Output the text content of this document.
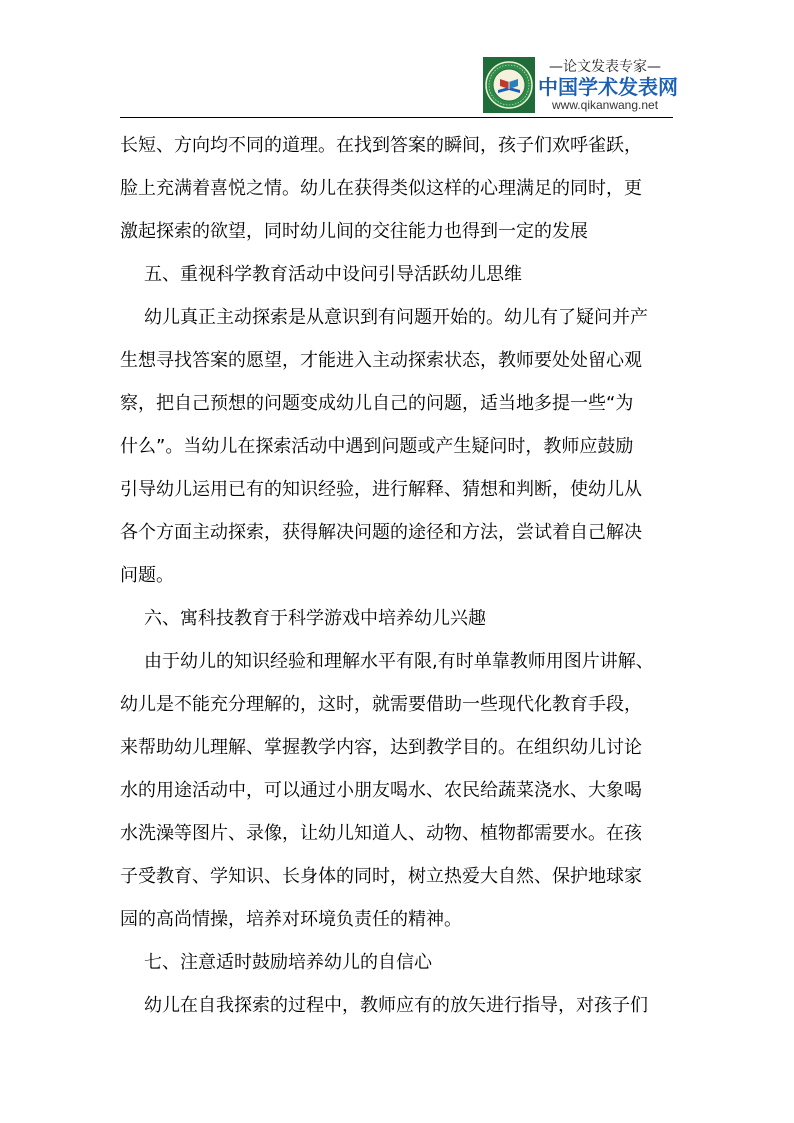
—论文发表专家—
中国学术发表网
www.qikanwang.net
长短、方向均不同的道理。在找到答案的瞬间，孩子们欢呼雀跃，
脸上充满着喜悦之情。幼儿在获得类似这样的心理满足的同时，更
激起探索的欲望，同时幼儿间的交往能力也得到一定的发展
五、重视科学教育活动中设问引导活跃幼儿思维
幼儿真正主动探索是从意识到有问题开始的。幼儿有了疑问并产
生想寻找答案的愿望，才能进入主动探索状态，教师要处处留心观
察，把自己预想的问题变成幼儿自己的问题，适当地多提一些“为
什么”。当幼儿在探索活动中遇到问题或产生疑问时，教师应鼓励
引导幼儿运用已有的知识经验，进行解释、猜想和判断，使幼儿从
各个方面主动探索，获得解决问题的途径和方法，尝试着自己解决
问题。
六、寓科技教育于科学游戏中培养幼儿兴趣
由于幼儿的知识经验和理解水平有限,有时单靠教师用图片讲解、
幼儿是不能充分理解的，这时，就需要借助一些现代化教育手段，
来帮助幼儿理解、掌握教学内容，达到教学目的。在组织幼儿讨论
水的用途活动中，可以通过小朋友喝水、农民给蔬菜浇水、大象喝
水洗澡等图片、录像，让幼儿知道人、动物、植物都需要水。在孩
子受教育、学知识、长身体的同时，树立热爱大自然、保护地球家
园的高尚情操，培养对环境负责任的精神。
七、注意适时鼓励培养幼儿的自信心
幼儿在自我探索的过程中，教师应有的放矢进行指导，对孩子们
